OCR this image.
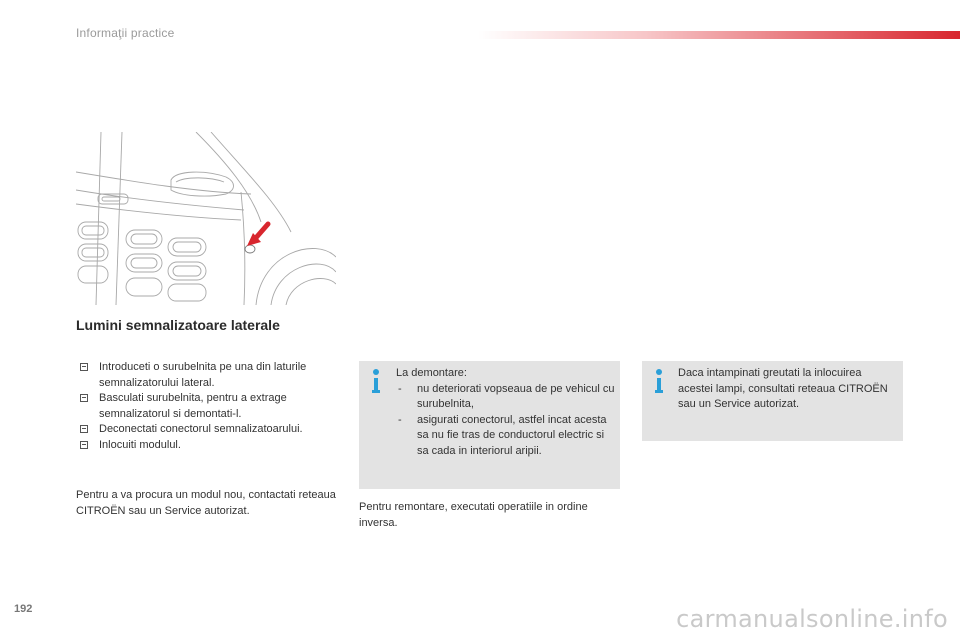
Informaţii practice
Lumini semnalizatoare laterale
Introduceti o surubelnita pe una din laturile semnalizatorului lateral.
Basculati surubelnita, pentru a extrage semnalizatorul si demontati-l.
Deconectati conectorul semnalizatoarului.
Inlocuiti modulul.
Pentru a va procura un modul nou, contactati reteaua CITROËN sau un Service autorizat.
La demontare:
- nu deteriorati vopseaua de pe vehicul cu surubelnita,
- asigurati conectorul, astfel incat acesta sa nu fie tras de conductorul electric si sa cada in interiorul aripii.
Pentru remontare, executati operatiile in ordine inversa.
Daca intampinati greutati la inlocuirea acestei lampi, consultati reteaua CITROËN sau un Service autorizat.
192	carmanualsonline.info
